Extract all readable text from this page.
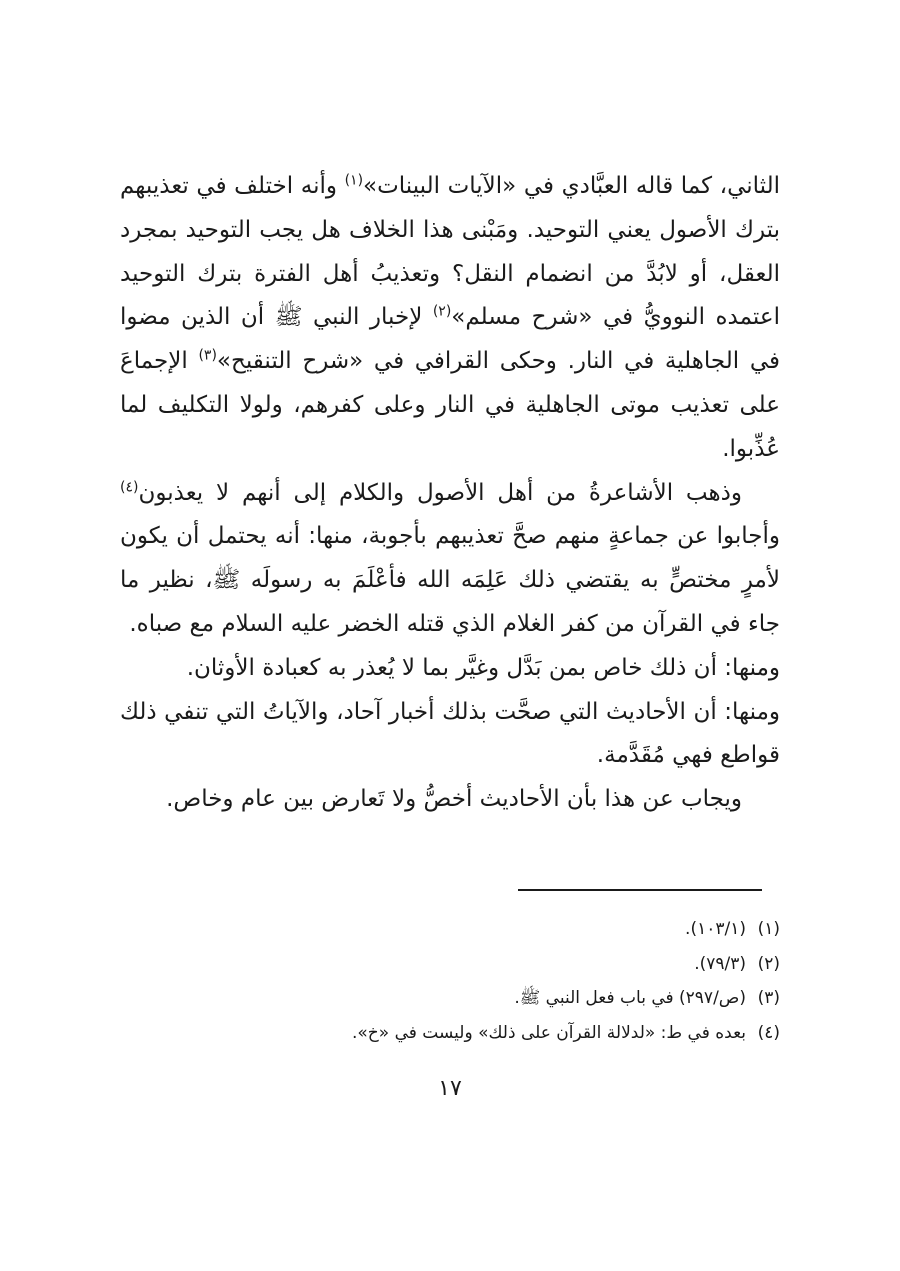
الثاني، كما قاله العبَّادي في «الآيات البينات»$^{(١)}$ وأنه اختلف في تعذيبهم بترك الأصول يعني التوحيد. ومَبْنى هذا الخلاف هل يجب التوحيد بمجرد العقل، أو لابُدَّ من انضمام النقل؟ وتعذيبُ أهل الفترة بترك التوحيد اعتمده النوويُّ في «شرح مسلم»$^{(٢)}$ لإخبار النبي ﷺ أن الذين مضوا في الجاهلية في النار. وحكى القرافي في «شرح التنقيح»$^{(٣)}$ الإجماعَ على تعذيب موتى الجاهلية في النار وعلى كفرهم، ولولا التكليف لما عُذِّبوا.

وذهب الأشاعرةُ من أهل الأصول والكلام إلى أنهم لا يعذبون$^{(٤)}$ وأجابوا عن جماعةٍ منهم صحَّ تعذيبهم بأجوبة، منها: أنه يحتمل أن يكون لأمرٍ مختصٍّ به يقتضي ذلك عَلِمَه الله فأعْلَمَ به رسولَه ﷺ، نظير ما جاء في القرآن من كفر الغلام الذي قتله الخضر عليه السلام مع صباه.

ومنها: أن ذلك خاص بمن بَدَّل وغيَّر بما لا يُعذر به كعبادة الأوثان.

ومنها: أن الأحاديث التي صحَّت بذلك أخبار آحاد، والآياتُ التي تنفي ذلك قواطع فهي مُقَدَّمة.

ويجاب عن هذا بأن الأحاديث أخصُّ ولا تَعارض بين عام وخاص.

(١)(١٠٣/١).
(٢)(٧٩/٣).
(٣)(ص/٢٩٧) في باب فعل النبي ﷺ.
(٤)بعده في ط: «لدلالة القرآن على ذلك» وليست في «خ».
١٧
